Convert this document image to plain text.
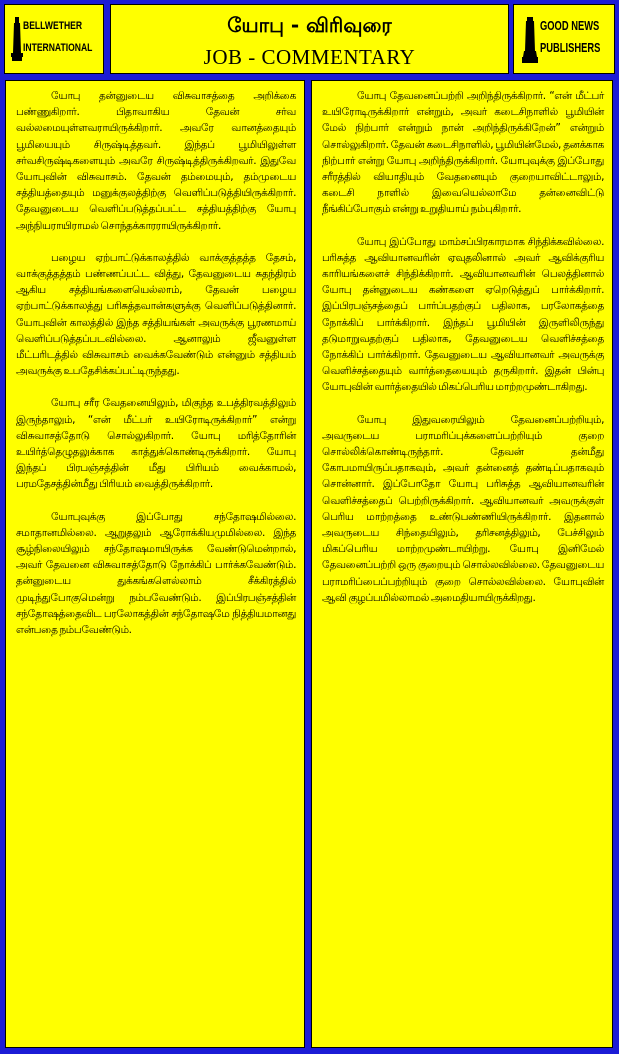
BELLWETHER
INTERNATIONAL
யோபு - விரிவுரை
JOB - COMMENTARY
GOOD NEWS
PUBLISHERS

யோபு தன்னுடைய விசுவாசத்தை அறிக்கை பண்ணுகிறார். பிதாவாகிய தேவன் சர்வ வல்லமையுள்ளவராயிருக்கிறார். அவரே வானத்தையும் பூமியையும் சிருஷ்டித்தவர். இந்தப் பூமியிலுள்ள சர்வசிருஷ்டிகளையும் அவரே சிருஷ்டித்திருக்கிறவர். இதுவே யோபுவின் விசுவாசம். தேவன் தம்மையும், தம்முடைய சத்தியத்தையும் மனுக்குலத்திற்கு வெளிப்படுத்தியிருக்கிறார். தேவனுடைய வெளிப்படுத்தப்பட்ட சத்தியத்திற்கு யோபு அந்நியராயிராமல் சொந்தக்காரராயிருக்கிறார்.

பழைய ஏற்பாட்டுக்காலத்தில் வாக்குத்தத்த தேசம், வாக்குத்தத்தம் பண்ணப்பட்ட வித்து, தேவனுடைய சுதந்திரம் ஆகிய சத்தியங்களையெல்லாம், தேவன் பழைய ஏற்பாட்டுக்காலத்து பரிசுத்தவான்களுக்கு வெளிப்படுத்தினார். யோபுவின் காலத்தில் இந்த சத்தியங்கள் அவருக்கு பூரணமாய் வெளிப்படுத்தப்படவில்லை. ஆனாலும் ஜீவனுள்ள மீட்பரிடத்தில் விசுவாசம் வைக்கவேண்டும் என்னும் சத்தியம் அவருக்கு உபதேசிக்கப்பட்டிருந்தது.

யோபு சரீர வேதனையிலும், மிகுந்த உபத்திரவத்திலும் இருந்தாலும், “என் மீட்பர் உயிரோடிருக்கிறார்” என்று விசுவாசத்தோடு சொல்லுகிறார். யோபு மரித்தோரின் உயிர்த்தெழுதலுக்காக காத்துக்கொண்டிருக்கிறார். யோபு இந்தப் பிரபஞ்சத்தின் மீது பிரியம் வைக்காமல், பரமதேசத்தின்மீது பிரியம் வைத்திருக்கிறார்.

யோபுவுக்கு இப்போது சந்தோஷமில்லை. சமாதானமில்லை. ஆறுதலும் ஆரோக்கியமுமில்லை. இந்த சூழ்நிலையிலும் சந்தோஷமாயிருக்க வேண்டுமென்றால், அவர் தேவனை விசுவாசத்தோடு நோக்கிப் பார்க்கவேண்டும். தன்னுடைய துக்கங்களெல்லாம் சீக்கிரத்தில் முடிந்துபோகுமென்று நம்பவேண்டும். இப்பிரபஞ்சத்தின் சந்தோஷத்தைவிட பரலோகத்தின் சந்தோஷமே நித்தியமானது என்பதை நம்பவேண்டும்.

யோபு தேவனைப்பற்றி அறிந்திருக்கிறார். “என் மீட்பர் உயிரோடிருக்கிறார் என்றும், அவர் கடைசிநாளில் பூமியின் மேல் நிற்பார் என்றும் நான் அறிந்திருக்கிறேன்” என்றும் சொல்லுகிறார். தேவன் கடைசிநாளில், பூமியின்மேல், தனக்காக நிற்பார் என்று யோபு அறிந்திருக்கிறார். யோபுவுக்கு இப்போது சரீரத்தில் வியாதியும் வேதனையும் குறையாவிட்டாலும், கடைசி நாளில் இவையெல்லாமே தன்னைவிட்டு நீங்கிப்போகும் என்று உறுதியாய் நம்புகிறார்.

யோபு இப்போது மாம்சப்பிரகாரமாக சிந்திக்கவில்லை. பரிசுத்த ஆவியானவரின் ஏவுதலினால் அவர் ஆவிக்குரிய காரியங்களைச் சிந்திக்கிறார். ஆவியானவரின் பெலத்தினால் யோபு தன்னுடைய கண்களை ஏறெடுத்துப் பார்க்கிறார். இப்பிரபஞ்சத்தைப் பார்ப்பதற்குப் பதிலாக, பரலோகத்தை நோக்கிப் பார்க்கிறார். இந்தப் பூமியின் இருளிலிருந்து தடுமாறுவதற்குப் பதிலாக, தேவனுடைய வெளிச்சத்தை நோக்கிப் பார்க்கிறார். தேவனுடைய ஆவியானவர் அவருக்கு வெளிச்சத்தையும் வார்த்தையையும் தருகிறார். இதன் பின்பு யோபுவின் வார்த்தையில் மிகப்பெரிய மாற்றமுண்டாகிறது.

யோபு இதுவரையிலும் தேவனைப்பற்றியும், அவருடைய பராமரிப்புக்களைப்பற்றியும் குறை சொல்லிக்கொண்டிருந்தார். தேவன் தன்மீது கோபமாயிருப்பதாகவும், அவர் தன்னைத் தண்டிப்பதாகவும் சொன்னார். இப்போதோ யோபு பரிசுத்த ஆவியானவரின் வெளிச்சத்தைப் பெற்றிருக்கிறார். ஆவியானவர் அவருக்குள் பெரிய மாற்றத்தை உண்டுபண்ணியிருக்கிறார். இதனால் அவருடைய சிந்தையிலும், தரிசனத்திலும், பேச்சிலும் மிகப்பெரிய மாற்றமுண்டாயிற்று. யோபு இனிமேல் தேவனைப்பற்றி ஒரு குறையும் சொல்லவில்லை. தேவனுடைய பராமரிப்பைப்பற்றியும் குறை சொல்லவில்லை. யோபுவின் ஆவி குழப்பமில்லாமல் அமைதியாயிருக்கிறது.
